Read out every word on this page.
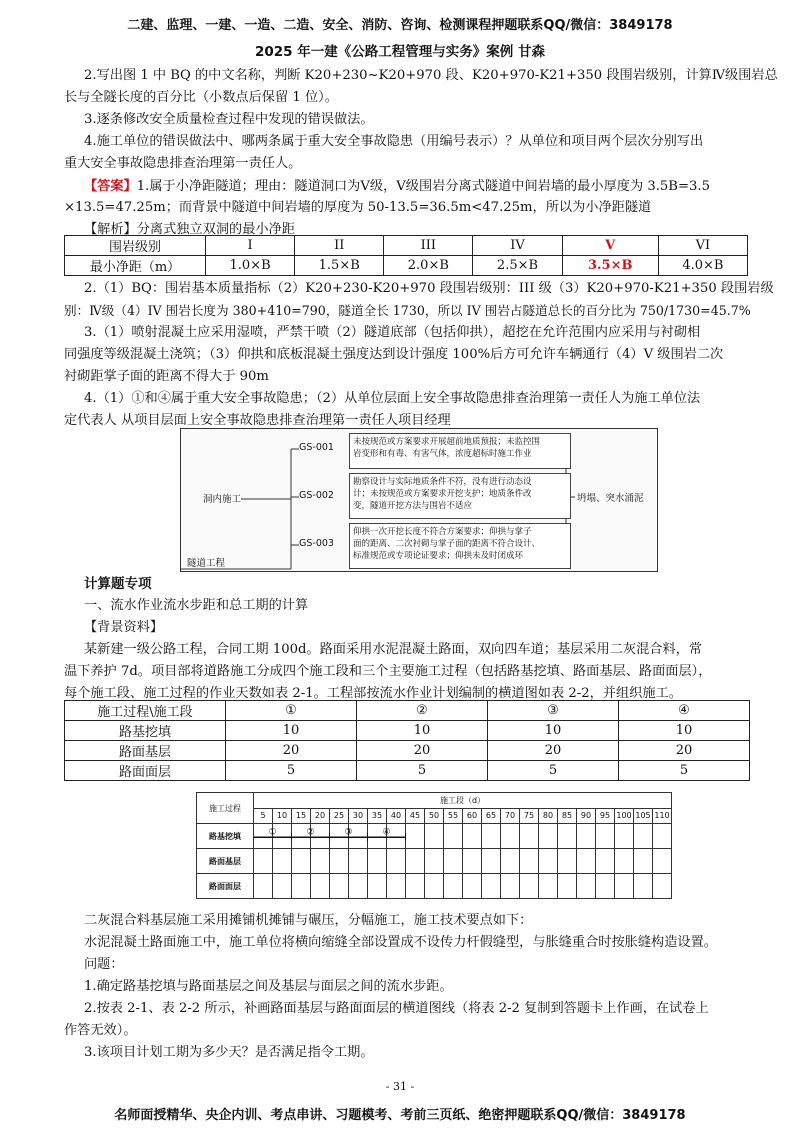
二建、监理、一建、一造、二造、安全、消防、咨询、检测课程押题联系QQ/微信：3849178
2025 年一建《公路工程管理与实务》案例 甘森
2.写出图 1 中 BQ 的中文名称，判断 K20+230~K20+970 段、K20+970-K21+350 段围岩级别，计算Ⅳ级围岩总
长与全隧长度的百分比（小数点后保留 1 位）。
3.逐条修改安全质量检查过程中发现的错误做法。
4.施工单位的错误做法中、哪两条属于重大安全事故隐患（用编号表示）？从单位和项目两个层次分别写出
重大安全事故隐患排查治理第一责任人。
【答案】1.属于小净距隧道；理由：隧道洞口为Ⅴ级，Ⅴ级围岩分离式隧道中间岩墙的最小厚度为 3.5B=3.5
×13.5=47.25m；而背景中隧道中间岩墙的厚度为 50-13.5=36.5m<47.25m，所以为小净距隧道
【解析】分离式独立双洞的最小净距
围岩级别	I	II	III	IV	V	VI
最小净距（m）	1.0×B	1.5×B	2.0×B	2.5×B	3.5×B	4.0×B
2.（1）BQ：围岩基本质量指标（2）K20+230-K20+970 段围岩级别：III 级（3）K20+970-K21+350 段围岩级
别：Ⅳ级（4）IV 围岩长度为 380+410=790，隧道全长 1730，所以 IV 围岩占隧道总长的百分比为 750/1730=45.7%
3.（1）喷射混凝土应采用湿喷，严禁干喷（2）隧道底部（包括仰拱），超挖在允许范围内应采用与衬砌相
同强度等级混凝土浇筑；（3）仰拱和底板混凝土强度达到设计强度 100%后方可允许车辆通行（4）V 级围岩二次
衬砌距掌子面的距离不得大于 90m
4.（1）①和④属于重大安全事故隐患；（2）从单位层面上安全事故隐患排查治理第一责任人为施工单位法
定代表人 从项目层面上安全事故隐患排查治理第一责任人项目经理
隧道工程
洞内施工
GS-001
GS-002
GS-003
未按规范或方案要求开展超前地质预报；未监控围
岩变形和有毒、有害气体，浓度超标时施工作业
勘察设计与实际地质条件不符，没有进行动态设
计；未按规范或方案要求开挖支护；地质条件改
变，隧道开挖方法与围岩不适应
仰拱一次开挖长度不符合方案要求；仰拱与掌子
面的距离、二次衬砌与掌子面的距离不符合设计、
标准规范或专项论证要求；仰拱未及时闭成环
坍塌、突水涌泥
计算题专项
一、流水作业流水步距和总工期的计算
【背景资料】
某新建一级公路工程，合同工期 100d。路面采用水泥混凝土路面，双向四车道；基层采用二灰混合料，常
温下养护 7d。项目部将道路施工分成四个施工段和三个主要施工过程（包括路基挖填、路面基层、路面面层），
每个施工段、施工过程的作业天数如表 2-1。工程部按流水作业计划编制的横道图如表 2-2，并组织施工。
施工过程\施工段	①	②	③	④
路基挖填	10	10	10	10
路面基层	20	20	20	20
路面面层	5	5	5	5
施工过程	施工段（d）																					
	5	10	15	20	25	30	35	40	45	50	55	60	65	70	75	80	85	90	95	100	105	110
路基挖填																						
路面基层																						
路面面层																						
①	②	③	④
二灰混合料基层施工采用摊铺机摊铺与碾压，分幅施工，施工技术要点如下：
水泥混凝土路面施工中，施工单位将横向缩缝全部设置成不设传力杆假缝型，与胀缝重合时按胀缝构造设置。
问题：
1.确定路基挖填与路面基层之间及基层与面层之间的流水步距。
2.按表 2-1、表 2-2 所示，补画路面基层与路面面层的横道图线（将表 2-2 复制到答题卡上作画，在试卷上
作答无效）。
3.该项目计划工期为多少天？是否满足指令工期。
- 31 -
名师面授精华、央企内训、考点串讲、习题模考、考前三页纸、绝密押题联系QQ/微信：3849178
